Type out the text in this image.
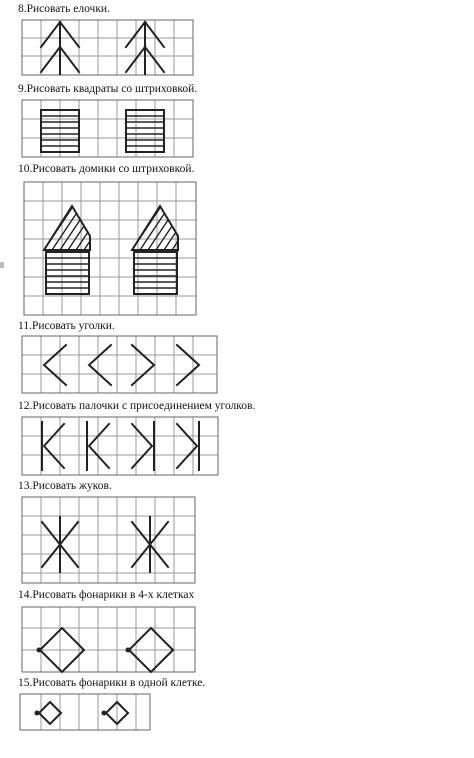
8.Рисовать елочки.
9.Рисовать квадраты со штриховкой.
10.Рисовать домики со штриховкой.
11.Рисовать уголки.
12.Рисовать палочки с присоединением уголков.
13.Рисовать жуков.
14.Рисовать фонарики в 4-х клетках
15.Рисовать фонарики в одной клетке.
